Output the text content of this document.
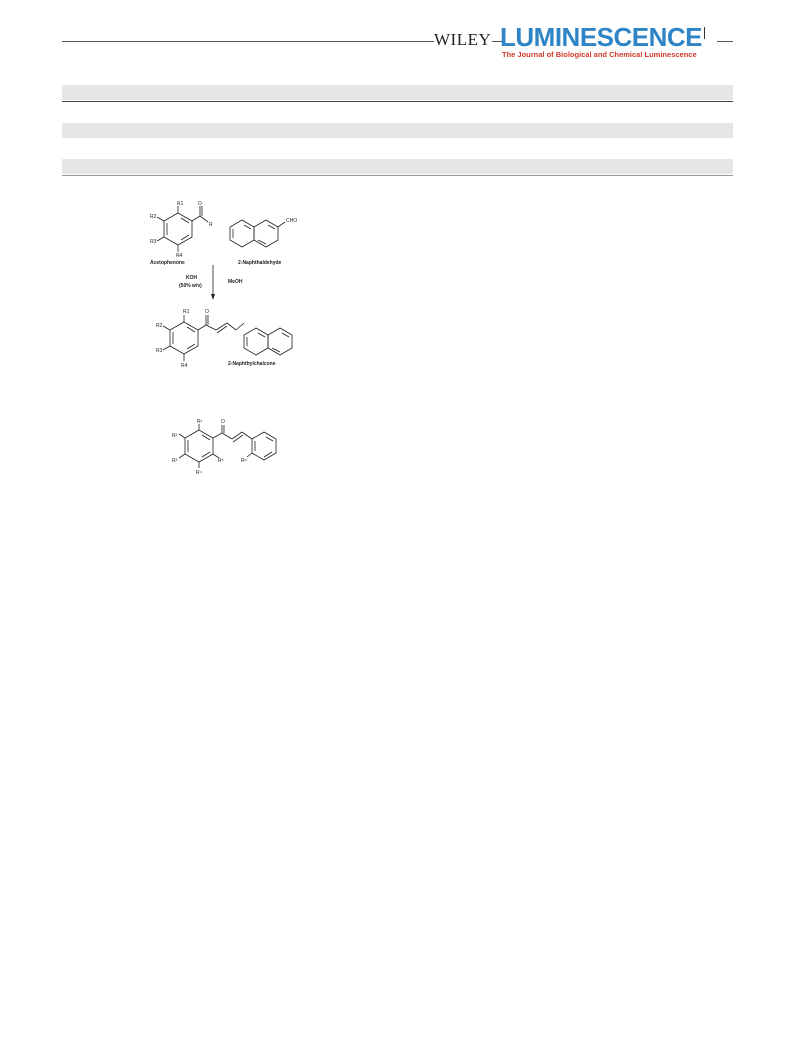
WILEY LUMINESCENCE
The Journal of Biological and Chemical Luminescence
R1
R2
R3
R4
O
R
CHO
Acetophenone	2-Naphthaldehyde
KOH
(50% w/v)
MeOH
R1	O
R2
R3
R4	2-Naphthylchalcone
R¹
R²
R³
R⁴
R⁵	R⁶
O
